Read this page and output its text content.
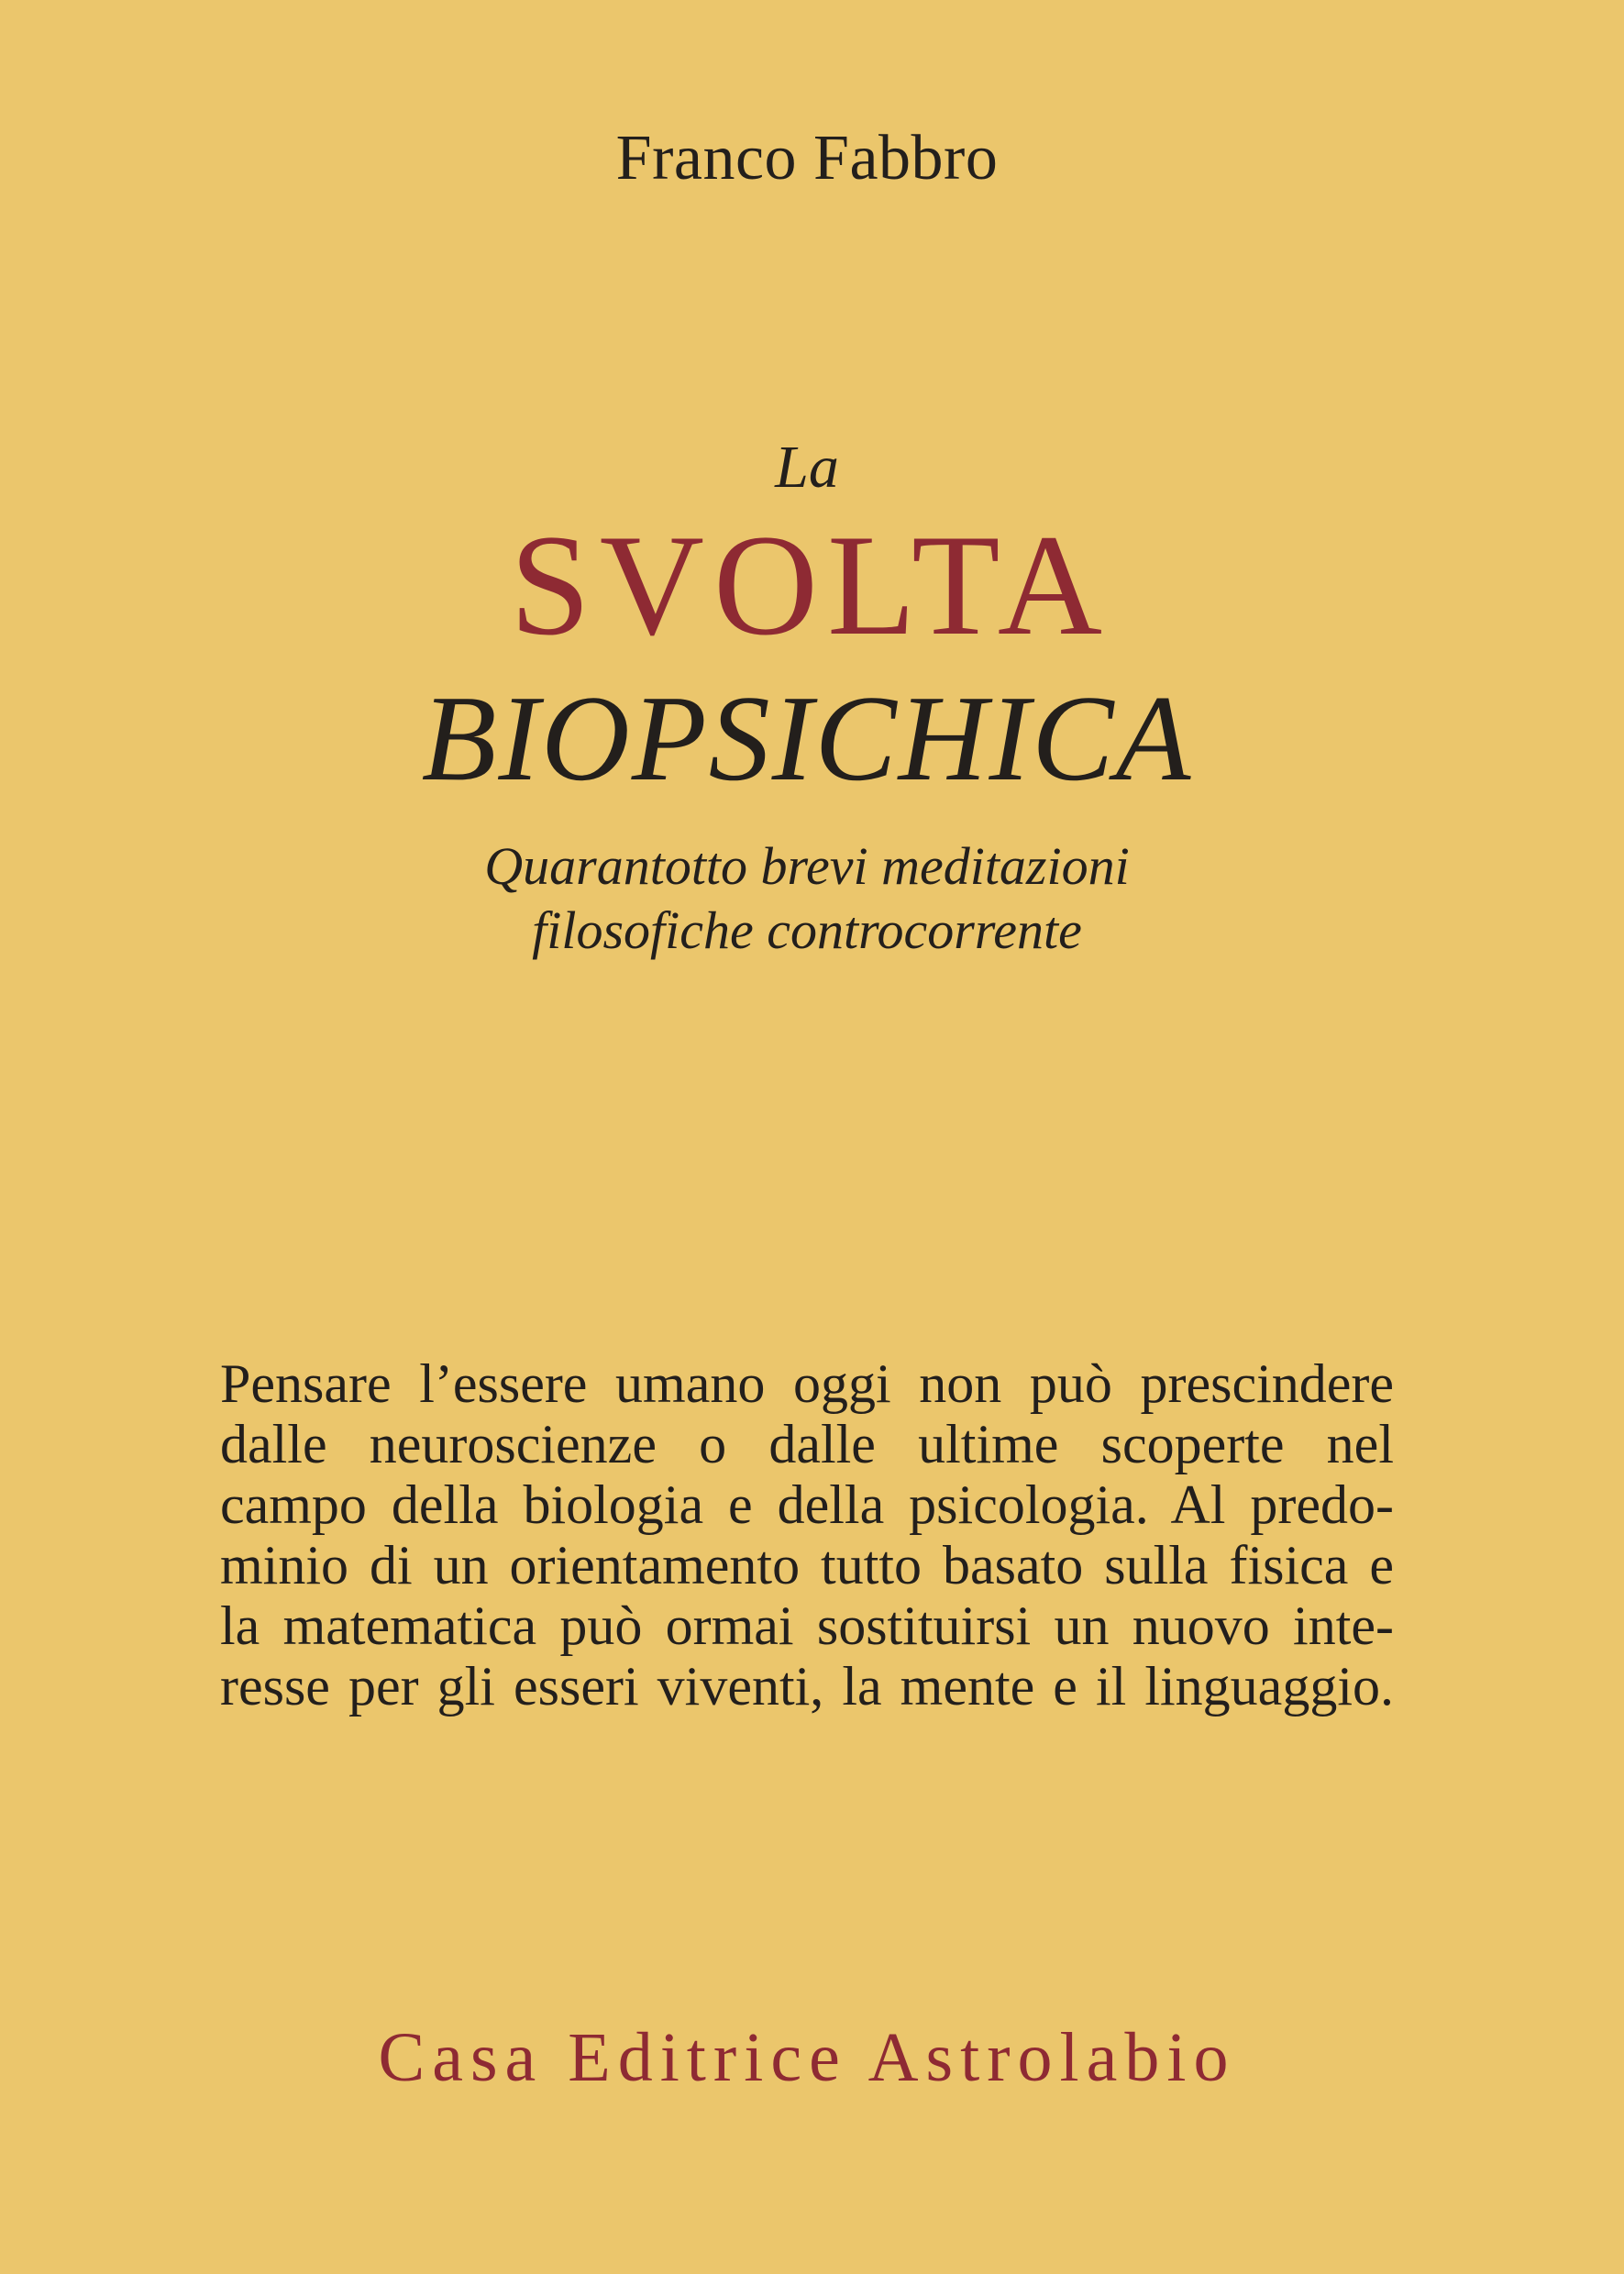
Franco Fabbro
La
SVOLTA
BIOPSICHICA
Quarantotto brevi meditazioni
filosofiche controcorrente
Pensare l’essere umano oggi non può prescindere
dalle neuroscienze o dalle ultime scoperte nel
campo della biologia e della psicologia. Al predo-
minio di un orientamento tutto basato sulla fisica e
la matematica può ormai sostituirsi un nuovo inte-
resse per gli esseri viventi, la mente e il linguaggio.
Casa Editrice Astrolabio
